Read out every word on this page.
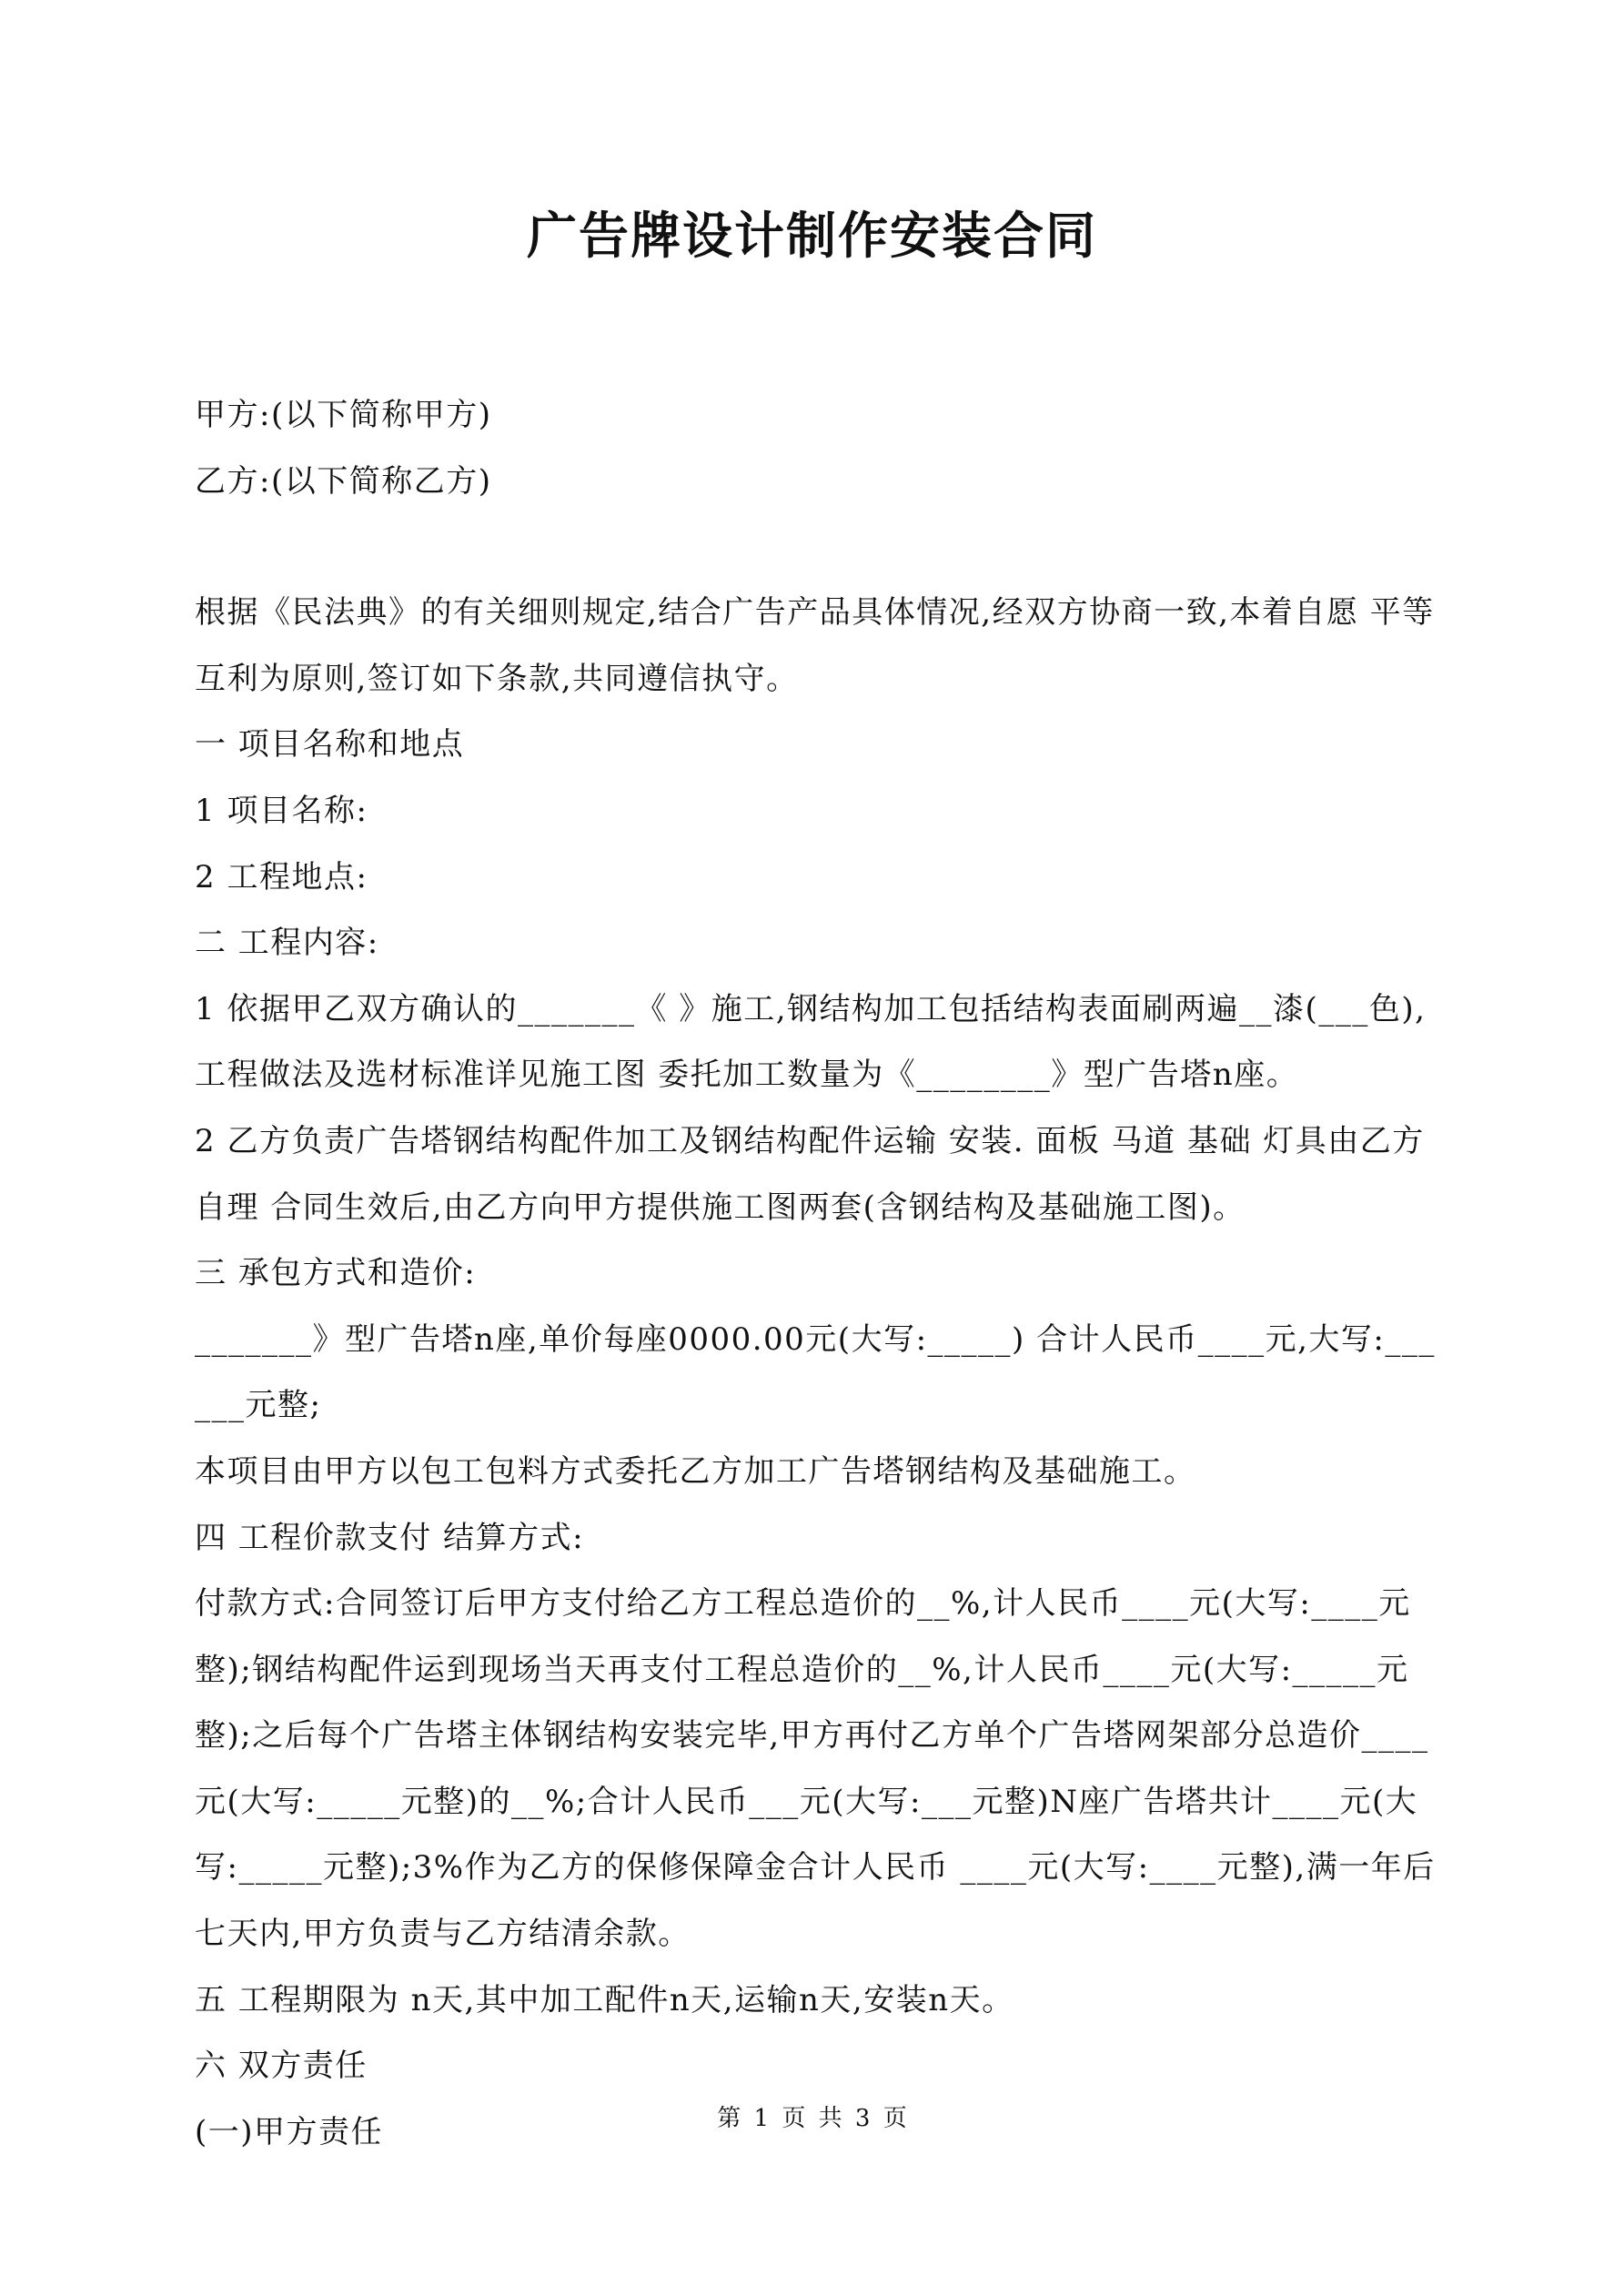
广告牌设计制作安装合同

甲方:(以下简称甲方)

乙方:(以下简称乙方)

根据《民法典》的有关细则规定,结合广告产品具体情况,经双方协商一致,本着自愿 平等 互利为原则,签订如下条款,共同遵信执守。

一 项目名称和地点

1 项目名称:

2 工程地点:

二 工程内容:

1 依据甲乙双方确认的_______《 》施工,钢结构加工包括结构表面刷两遍__漆(___色),工程做法及选材标准详见施工图 委托加工数量为《________》型广告塔n座。

2 乙方负责广告塔钢结构配件加工及钢结构配件运输 安装. 面板 马道 基础 灯具由乙方自理 合同生效后,由乙方向甲方提供施工图两套(含钢结构及基础施工图)。

三 承包方式和造价:

_______》型广告塔n座,单价每座0000.00元(大写:_____) 合计人民币____元,大写:______元整;

本项目由甲方以包工包料方式委托乙方加工广告塔钢结构及基础施工。

四 工程价款支付 结算方式:

付款方式:合同签订后甲方支付给乙方工程总造价的__%,计人民币____元(大写:____元整);钢结构配件运到现场当天再支付工程总造价的__%,计人民币____元(大写:_____元整);之后每个广告塔主体钢结构安装完毕,甲方再付乙方单个广告塔网架部分总造价____元(大写:_____元整)的__%;合计人民币___元(大写:___元整)N座广告塔共计____元(大写:_____元整);3%作为乙方的保修保障金合计人民币 ____元(大写:____元整),满一年后七天内,甲方负责与乙方结清余款。

五 工程期限为 n天,其中加工配件n天,运输n天,安装n天。

六 双方责任

(一)甲方责任	第 1 页 共 3 页
